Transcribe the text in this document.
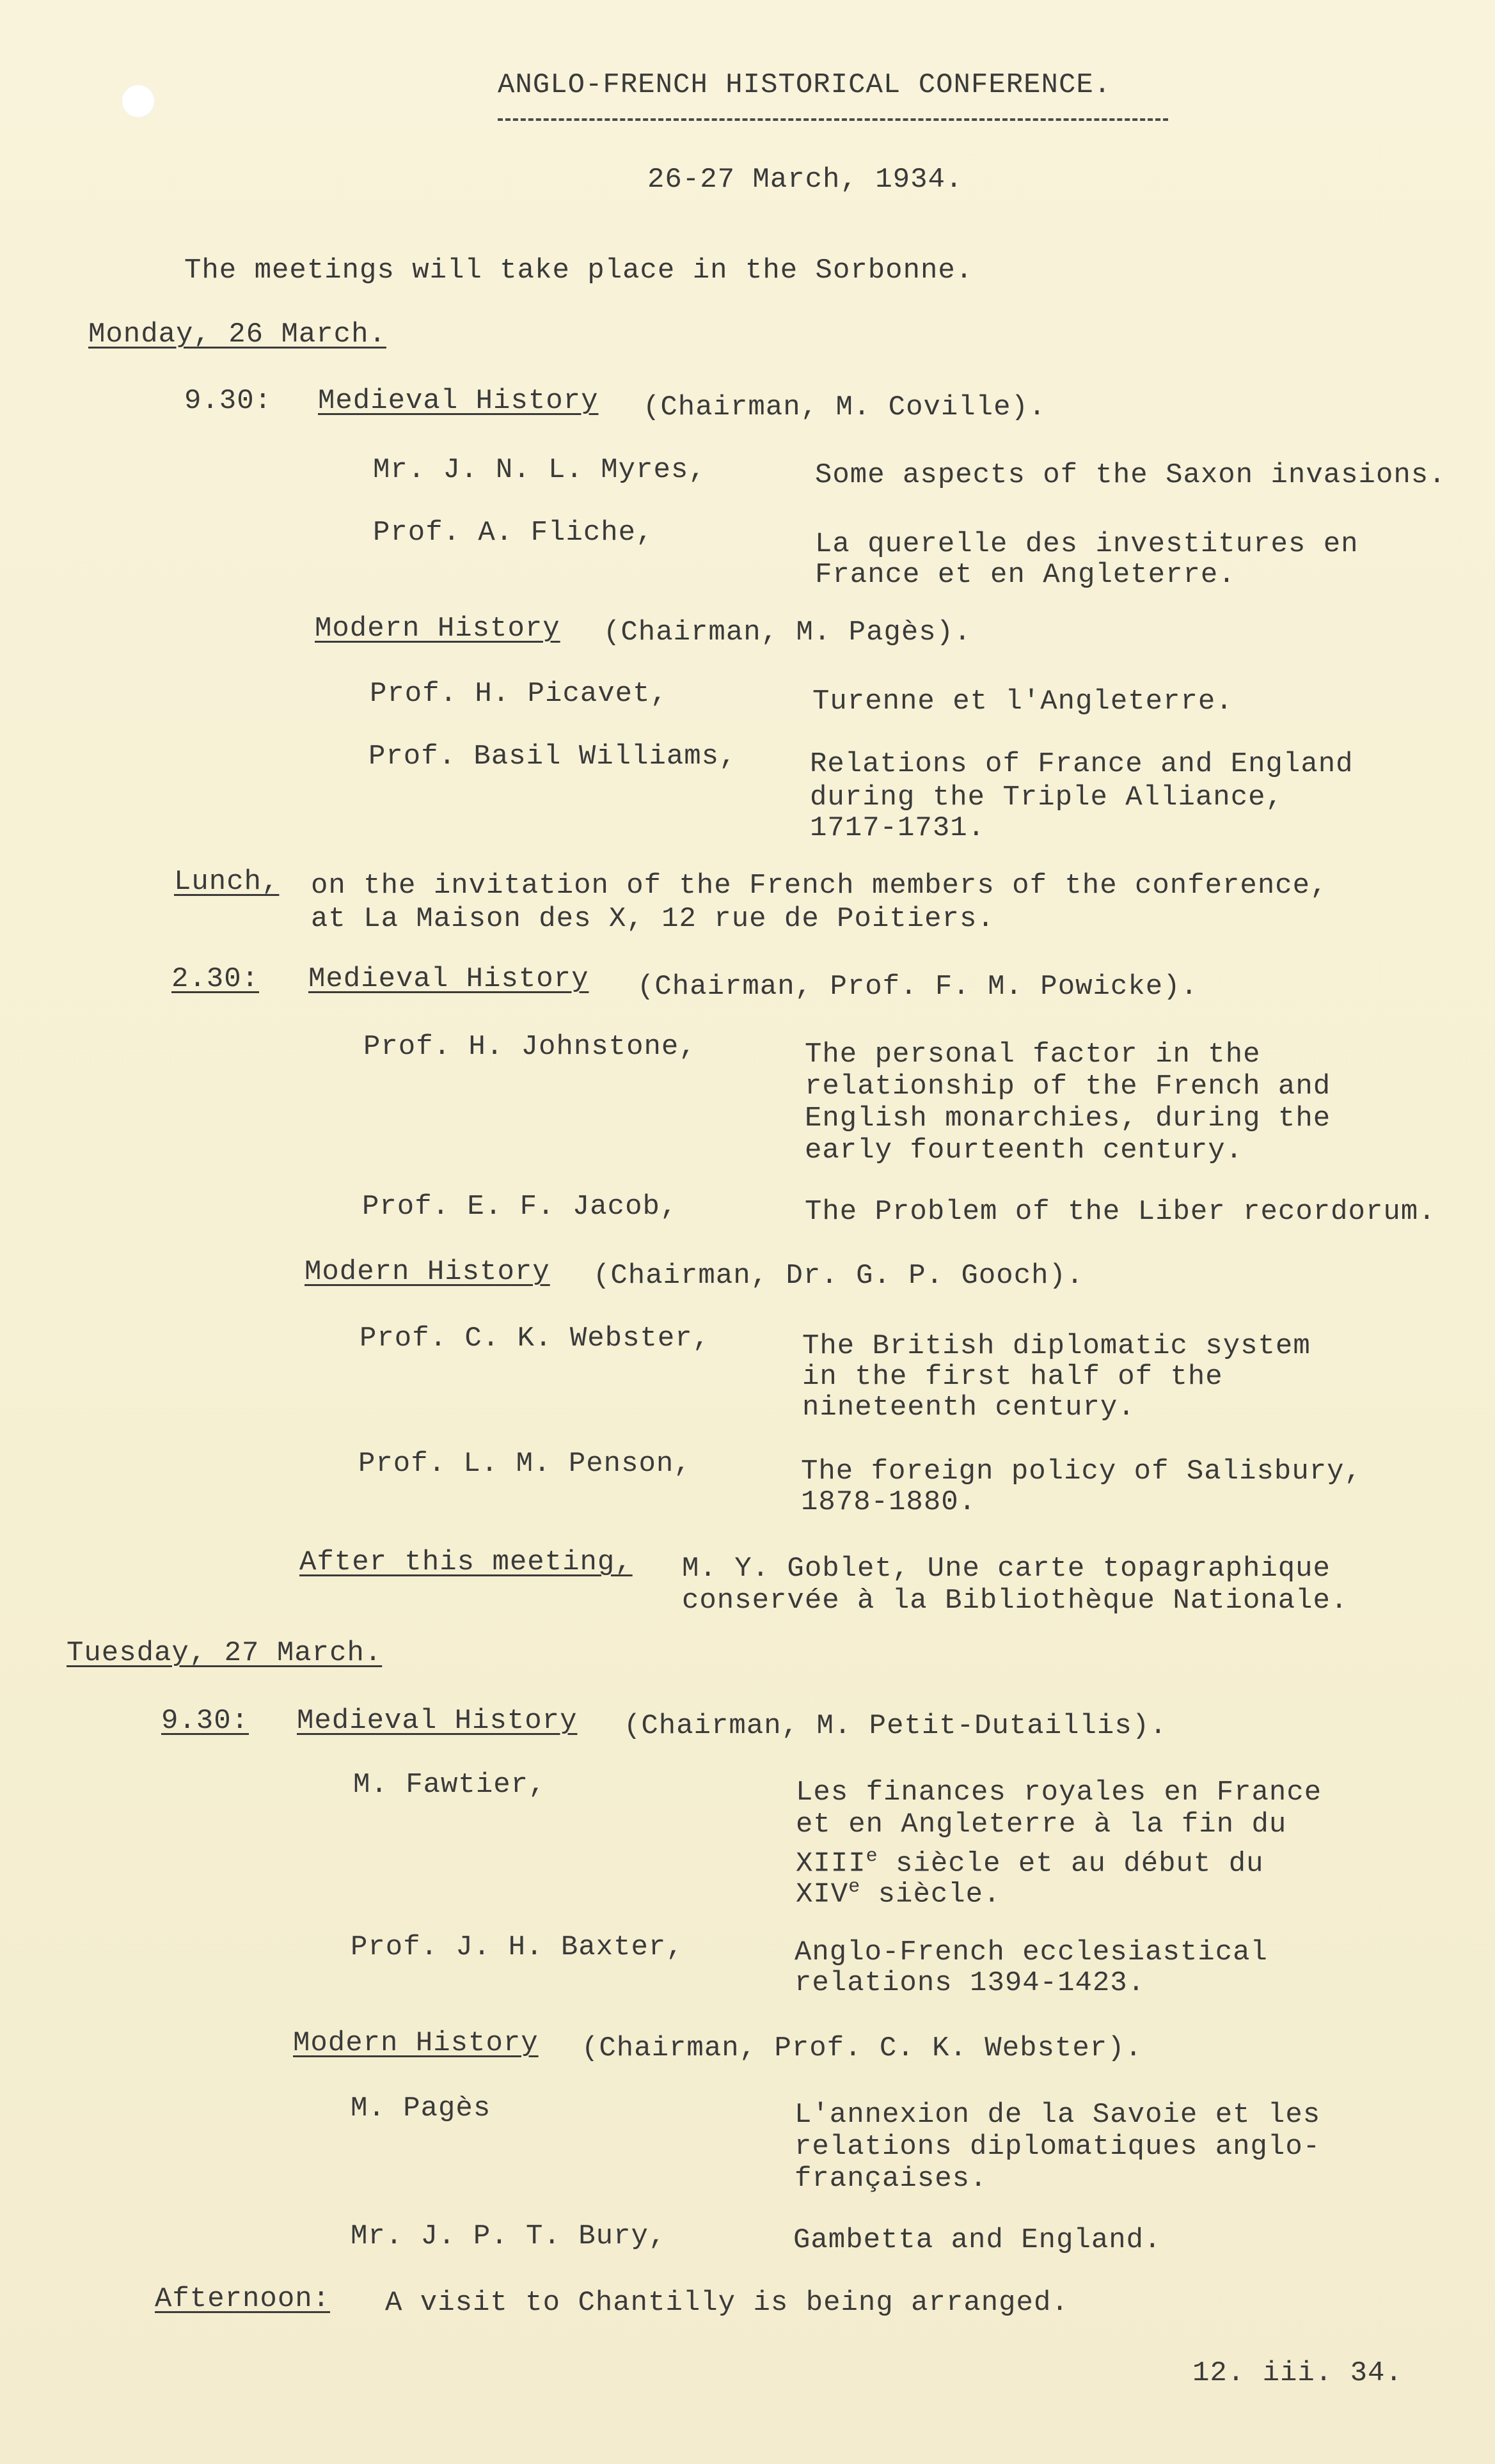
ANGLO-FRENCH HISTORICAL CONFERENCE.
26-27 March, 1934.
The meetings will take place in the Sorbonne.
Monday, 26 March.
9.30: Medieval History (Chairman, M. Coville).
Mr. J. N. L. Myres,	Some aspects of the Saxon invasions.
Prof. A. Fliche,	La querelle des investitures en
France et en Angleterre.
Modern History (Chairman, M. Pagès).
Prof. H. Picavet,	Turenne et l'Angleterre.
Prof. Basil Williams,	Relations of France and England
during the Triple Alliance,
1717-1731.
Lunch, on the invitation of the French members of the conference,
at La Maison des X, 12 rue de Poitiers.
2.30: Medieval History (Chairman, Prof. F. M. Powicke).
Prof. H. Johnstone,	The personal factor in the
relationship of the French and
English monarchies, during the
early fourteenth century.
Prof. E. F. Jacob,	The Problem of the Liber recordorum.
Modern History (Chairman, Dr. G. P. Gooch).
Prof. C. K. Webster,	The British diplomatic system
in the first half of the
nineteenth century.
Prof. L. M. Penson,	The foreign policy of Salisbury,
1878-1880.
After this meeting, M. Y. Goblet, Une carte topagraphique
conservée à la Bibliothèque Nationale.
Tuesday, 27 March.
9.30: Medieval History (Chairman, M. Petit-Dutaillis).
M. Fawtier,	Les finances royales en France
et en Angleterre à la fin du
XIIIe siècle et au début du
XIVe siècle.
Prof. J. H. Baxter,	Anglo-French ecclesiastical
relations 1394-1423.
Modern History (Chairman, Prof. C. K. Webster).
M. Pagès	L'annexion de la Savoie et les
relations diplomatiques anglo-
françaises.
Mr. J. P. T. Bury,	Gambetta and England.
Afternoon: A visit to Chantilly is being arranged.
12. iii. 34.
